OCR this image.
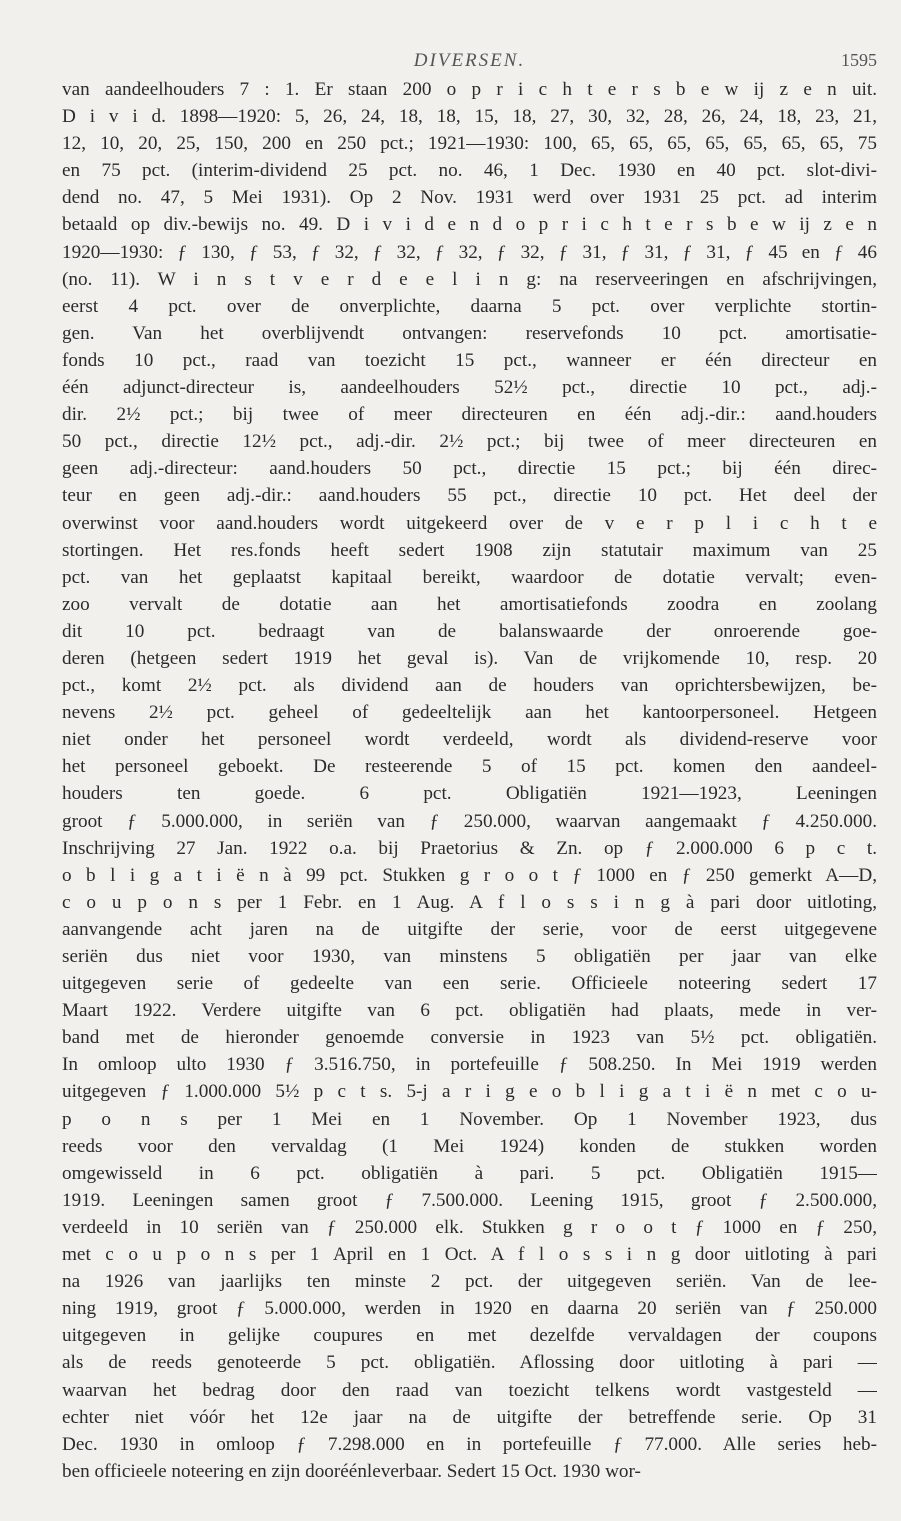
DIVERSEN.	1595
van aandeelhouders 7 : 1. Er staan 200 o p r i c h t e r s b e w ij z e n uit.
D i v i d. 1898—1920: 5, 26, 24, 18, 18, 15, 18, 27, 30, 32, 28, 26, 24, 18, 23, 21,
12, 10, 20, 25, 150, 200 en 250 pct.; 1921—1930: 100, 65, 65, 65, 65, 65, 65, 65, 75
en 75 pct. (interim-dividend 25 pct. no. 46, 1 Dec. 1930 en 40 pct. slot-divi-
dend no. 47, 5 Mei 1931). Op 2 Nov. 1931 werd over 1931 25 pct. ad interim
betaald op div.-bewijs no. 49. D i v i d e n d o p r i c h t e r s b e w ij z e n
1920—1930: ƒ 130, ƒ 53, ƒ 32, ƒ 32, ƒ 32, ƒ 32, ƒ 31, ƒ 31, ƒ 31, ƒ 45 en ƒ 46
(no. 11). W i n s t v e r d e e l i n g: na reserveeringen en afschrijvingen,
eerst 4 pct. over de onverplichte, daarna 5 pct. over verplichte stortin-
gen. Van het overblijvendt ontvangen: reservefonds 10 pct. amortisatie-
fonds 10 pct., raad van toezicht 15 pct., wanneer er één directeur en
één adjunct-directeur is, aandeelhouders 52½ pct., directie 10 pct., adj.-
dir. 2½ pct.; bij twee of meer directeuren en één adj.-dir.: aand.houders
50 pct., directie 12½ pct., adj.-dir. 2½ pct.; bij twee of meer directeuren en
geen adj.-directeur: aand.houders 50 pct., directie 15 pct.; bij één direc-
teur en geen adj.-dir.: aand.houders 55 pct., directie 10 pct. Het deel der
overwinst voor aand.houders wordt uitgekeerd over de v e r p l i c h t e
stortingen. Het res.fonds heeft sedert 1908 zijn statutair maximum van 25
pct. van het geplaatst kapitaal bereikt, waardoor de dotatie vervalt; even-
zoo vervalt de dotatie aan het amortisatiefonds zoodra en zoolang
dit 10 pct. bedraagt van de balanswaarde der onroerende goe-
deren (hetgeen sedert 1919 het geval is). Van de vrijkomende 10, resp. 20
pct., komt 2½ pct. als dividend aan de houders van oprichtersbewijzen, be-
nevens 2½ pct. geheel of gedeeltelijk aan het kantoorpersoneel. Hetgeen
niet onder het personeel wordt verdeeld, wordt als dividend-reserve voor
het personeel geboekt. De resteerende 5 of 15 pct. komen den aandeel-
houders ten goede. 6 pct. Obligatiën 1921—1923, Leeningen
groot ƒ 5.000.000, in seriën van ƒ 250.000, waarvan aangemaakt ƒ 4.250.000.
Inschrijving 27 Jan. 1922 o.a. bij Praetorius & Zn. op ƒ 2.000.000 6 p c t.
o b l i g a t i ë n à 99 pct. Stukken g r o o t ƒ 1000 en ƒ 250 gemerkt A—D,
c o u p o n s per 1 Febr. en 1 Aug. A f l o s s i n g à pari door uitloting,
aanvangende acht jaren na de uitgifte der serie, voor de eerst uitgegevene
seriën dus niet voor 1930, van minstens 5 obligatiën per jaar van elke
uitgegeven serie of gedeelte van een serie. Officieele noteering sedert 17
Maart 1922. Verdere uitgifte van 6 pct. obligatiën had plaats, mede in ver-
band met de hieronder genoemde conversie in 1923 van 5½ pct. obligatiën.
In omloop ulto 1930 ƒ 3.516.750, in portefeuille ƒ 508.250. In Mei 1919 werden
uitgegeven ƒ 1.000.000 5½ p c t s. 5-j a r i g e o b l i g a t i ë n met c o u-
p o n s per 1 Mei en 1 November. Op 1 November 1923, dus
reeds voor den vervaldag (1 Mei 1924) konden de stukken worden
omgewisseld in 6 pct. obligatiën à pari. 5 pct. Obligatiën 1915—
1919. Leeningen samen groot ƒ 7.500.000. Leening 1915, groot ƒ 2.500.000,
verdeeld in 10 seriën van ƒ 250.000 elk. Stukken g r o o t ƒ 1000 en ƒ 250,
met c o u p o n s per 1 April en 1 Oct. A f l o s s i n g door uitloting à pari
na 1926 van jaarlijks ten minste 2 pct. der uitgegeven seriën. Van de lee-
ning 1919, groot ƒ 5.000.000, werden in 1920 en daarna 20 seriën van ƒ 250.000
uitgegeven in gelijke coupures en met dezelfde vervaldagen der coupons
als de reeds genoteerde 5 pct. obligatiën. Aflossing door uitloting à pari —
waarvan het bedrag door den raad van toezicht telkens wordt vastgesteld —
echter niet vóór het 12e jaar na de uitgifte der betreffende serie. Op 31
Dec. 1930 in omloop ƒ 7.298.000 en in portefeuille ƒ 77.000. Alle series heb-
ben officieele noteering en zijn dooréénleverbaar. Sedert 15 Oct. 1930 wor-
